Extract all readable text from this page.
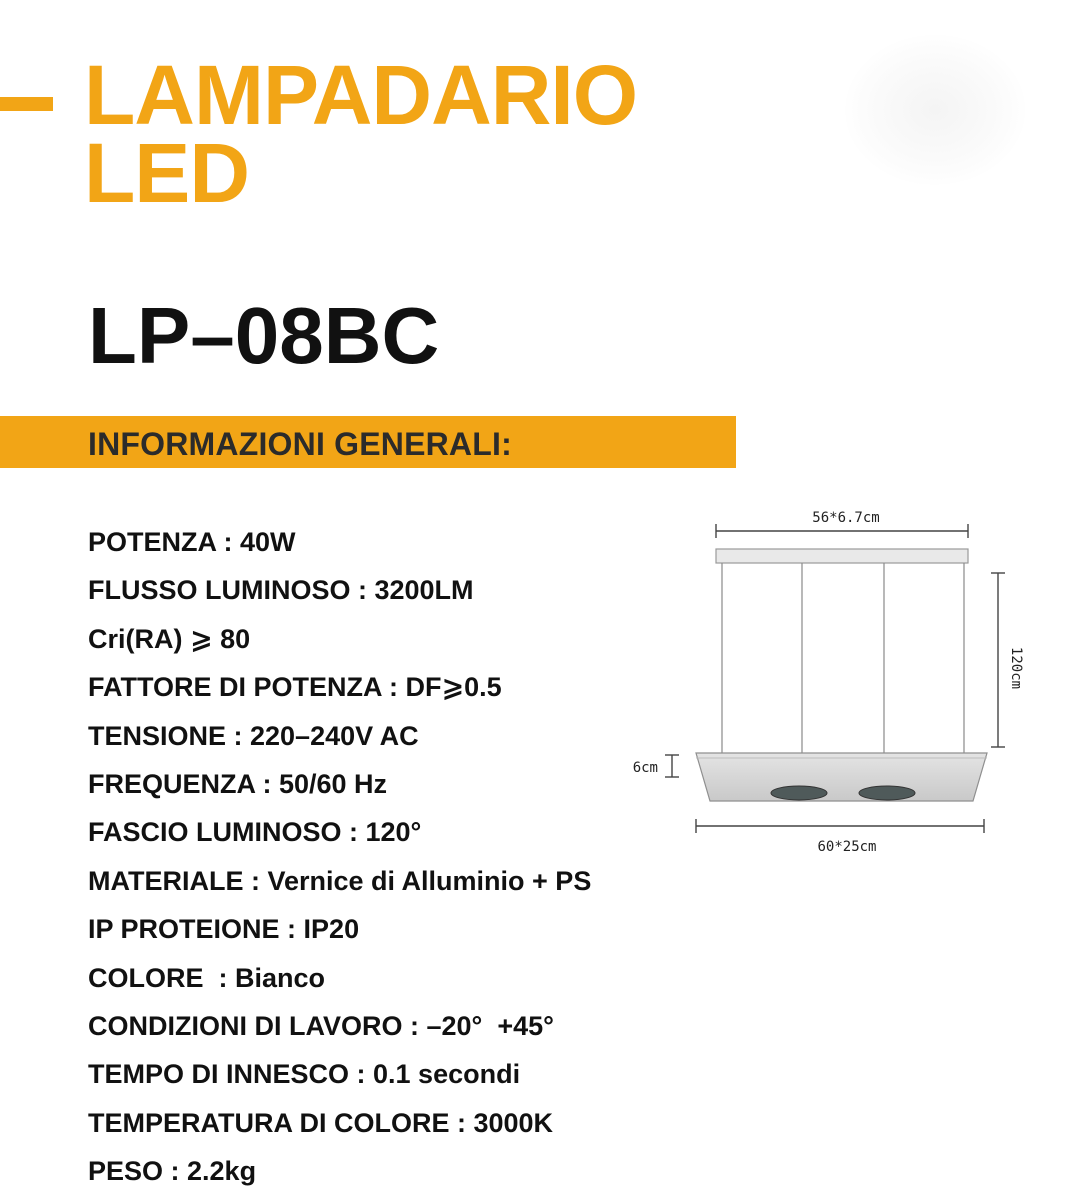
LAMPADARIO
LED
LP–08BC
INFORMAZIONI GENERALI:
POTENZA : 40W
FLUSSO LUMINOSO : 3200LM
Cri(RA) ⩾ 80
FATTORE DI POTENZA : DF⩾0.5
TENSIONE : 220–240V AC
FREQUENZA : 50/60 Hz
FASCIO LUMINOSO : 120°
MATERIALE : Vernice di Alluminio + PS
IP PROTEIONE : IP20
COLORE  : Bianco
CONDIZIONI DI LAVORO : –20°  +45°
TEMPO DI INNESCO : 0.1 secondi
TEMPERATURA DI COLORE : 3000K
PESO : 2.2kg
56*6.7cm
120cm
6cm
60*25cm
